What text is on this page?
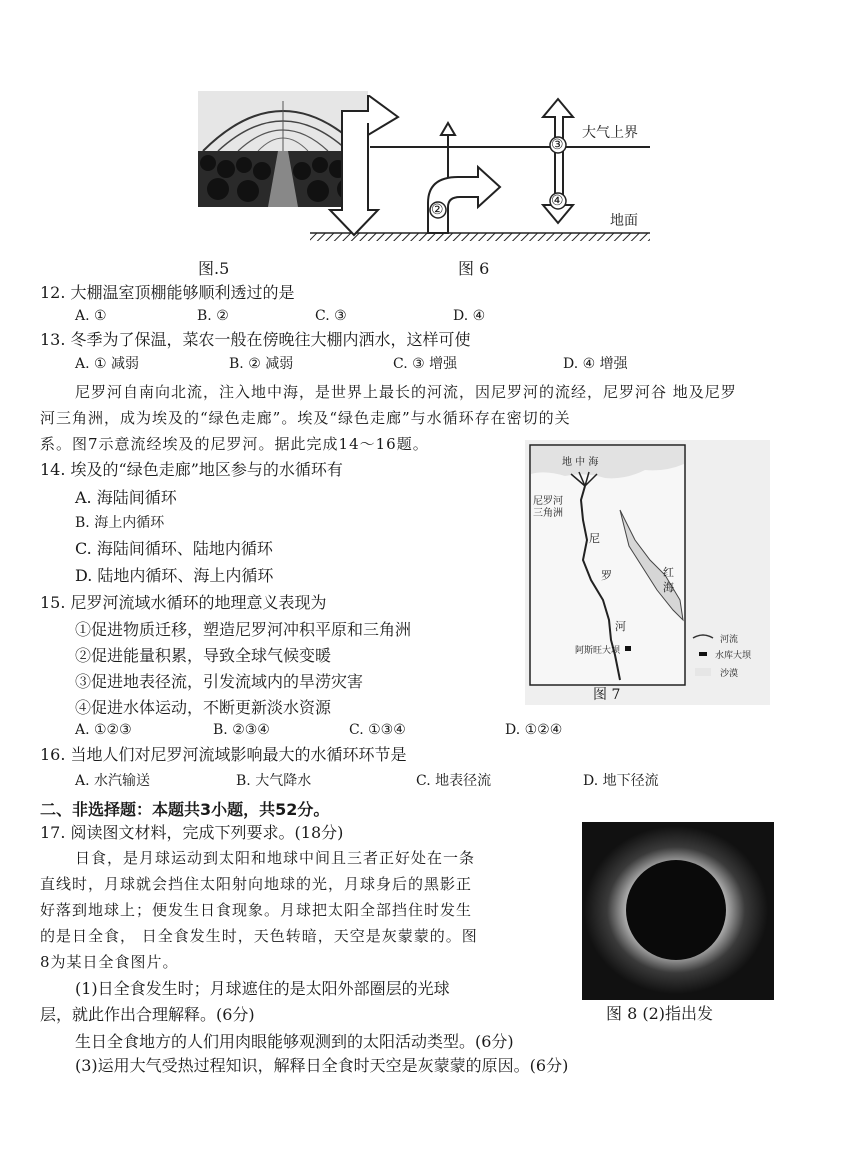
②
③
④
大气上界
地面
图.5	图 6
12. 大棚温室顶棚能够顺利透过的是
A. ①	B. ②	C. ③	D. ④
13. 冬季为了保温，菜农一般在傍晚往大棚内洒水，这样可使
A. ① 减弱	B. ② 减弱	C. ③ 增强	D. ④ 增强
尼罗河自南向北流，注入地中海，是世界上最长的河流，因尼罗河的流经，尼罗河谷 地及尼罗
河三角洲，成为埃及的“绿色走廊”。埃及“绿色走廊”与水循环存在密切的关
系。图7示意流经埃及的尼罗河。据此完成14～16题。
14. 埃及的“绿色走廊”地区参与的水循环有
A. 海陆间循环
B. 海上内循环
C. 海陆间循环、陆地内循环
D. 陆地内循环、海上内循环
15. 尼罗河流域水循环的地理意义表现为
①促进物质迁移，塑造尼罗河冲积平原和三角洲
②促进能量积累，导致全球气候变暖
③促进地表径流，引发流域内的旱涝灾害
④促进水体运动，不断更新淡水资源
A. ①②③	B. ②③④	C. ①③④	D. ①②④
16. 当地人们对尼罗河流域影响最大的水循环环节是
A. 水汽输送	B. 大气降水	C. 地表径流	D. 地下径流
二、非选择题：本题共3小题，共52分。
17. 阅读图文材料，完成下列要求。(18分)
日食，是月球运动到太阳和地球中间且三者正好处在一条
直线时，月球就会挡住太阳射向地球的光，月球身后的黑影正
好落到地球上；便发生日食现象。月球把太阳全部挡住时发生
的是日全食， 日全食发生时，天色转暗，天空是灰蒙蒙的。图
8为某日全食图片。
(1)日全食发生时；月球遮住的是太阳外部圈层的光球
层，就此作出合理解释。(6分)
生日全食地方的人们用肉眼能够观测到的太阳活动类型。(6分)
(3)运用大气受热过程知识，解释日全食时天空是灰蒙蒙的原因。(6分)
地 中 海
尼罗河
三角洲
尼
罗
河
红
海
阿斯旺大坝
河流
水库大坝
沙漠
图 7
图 8 (2)指出发
